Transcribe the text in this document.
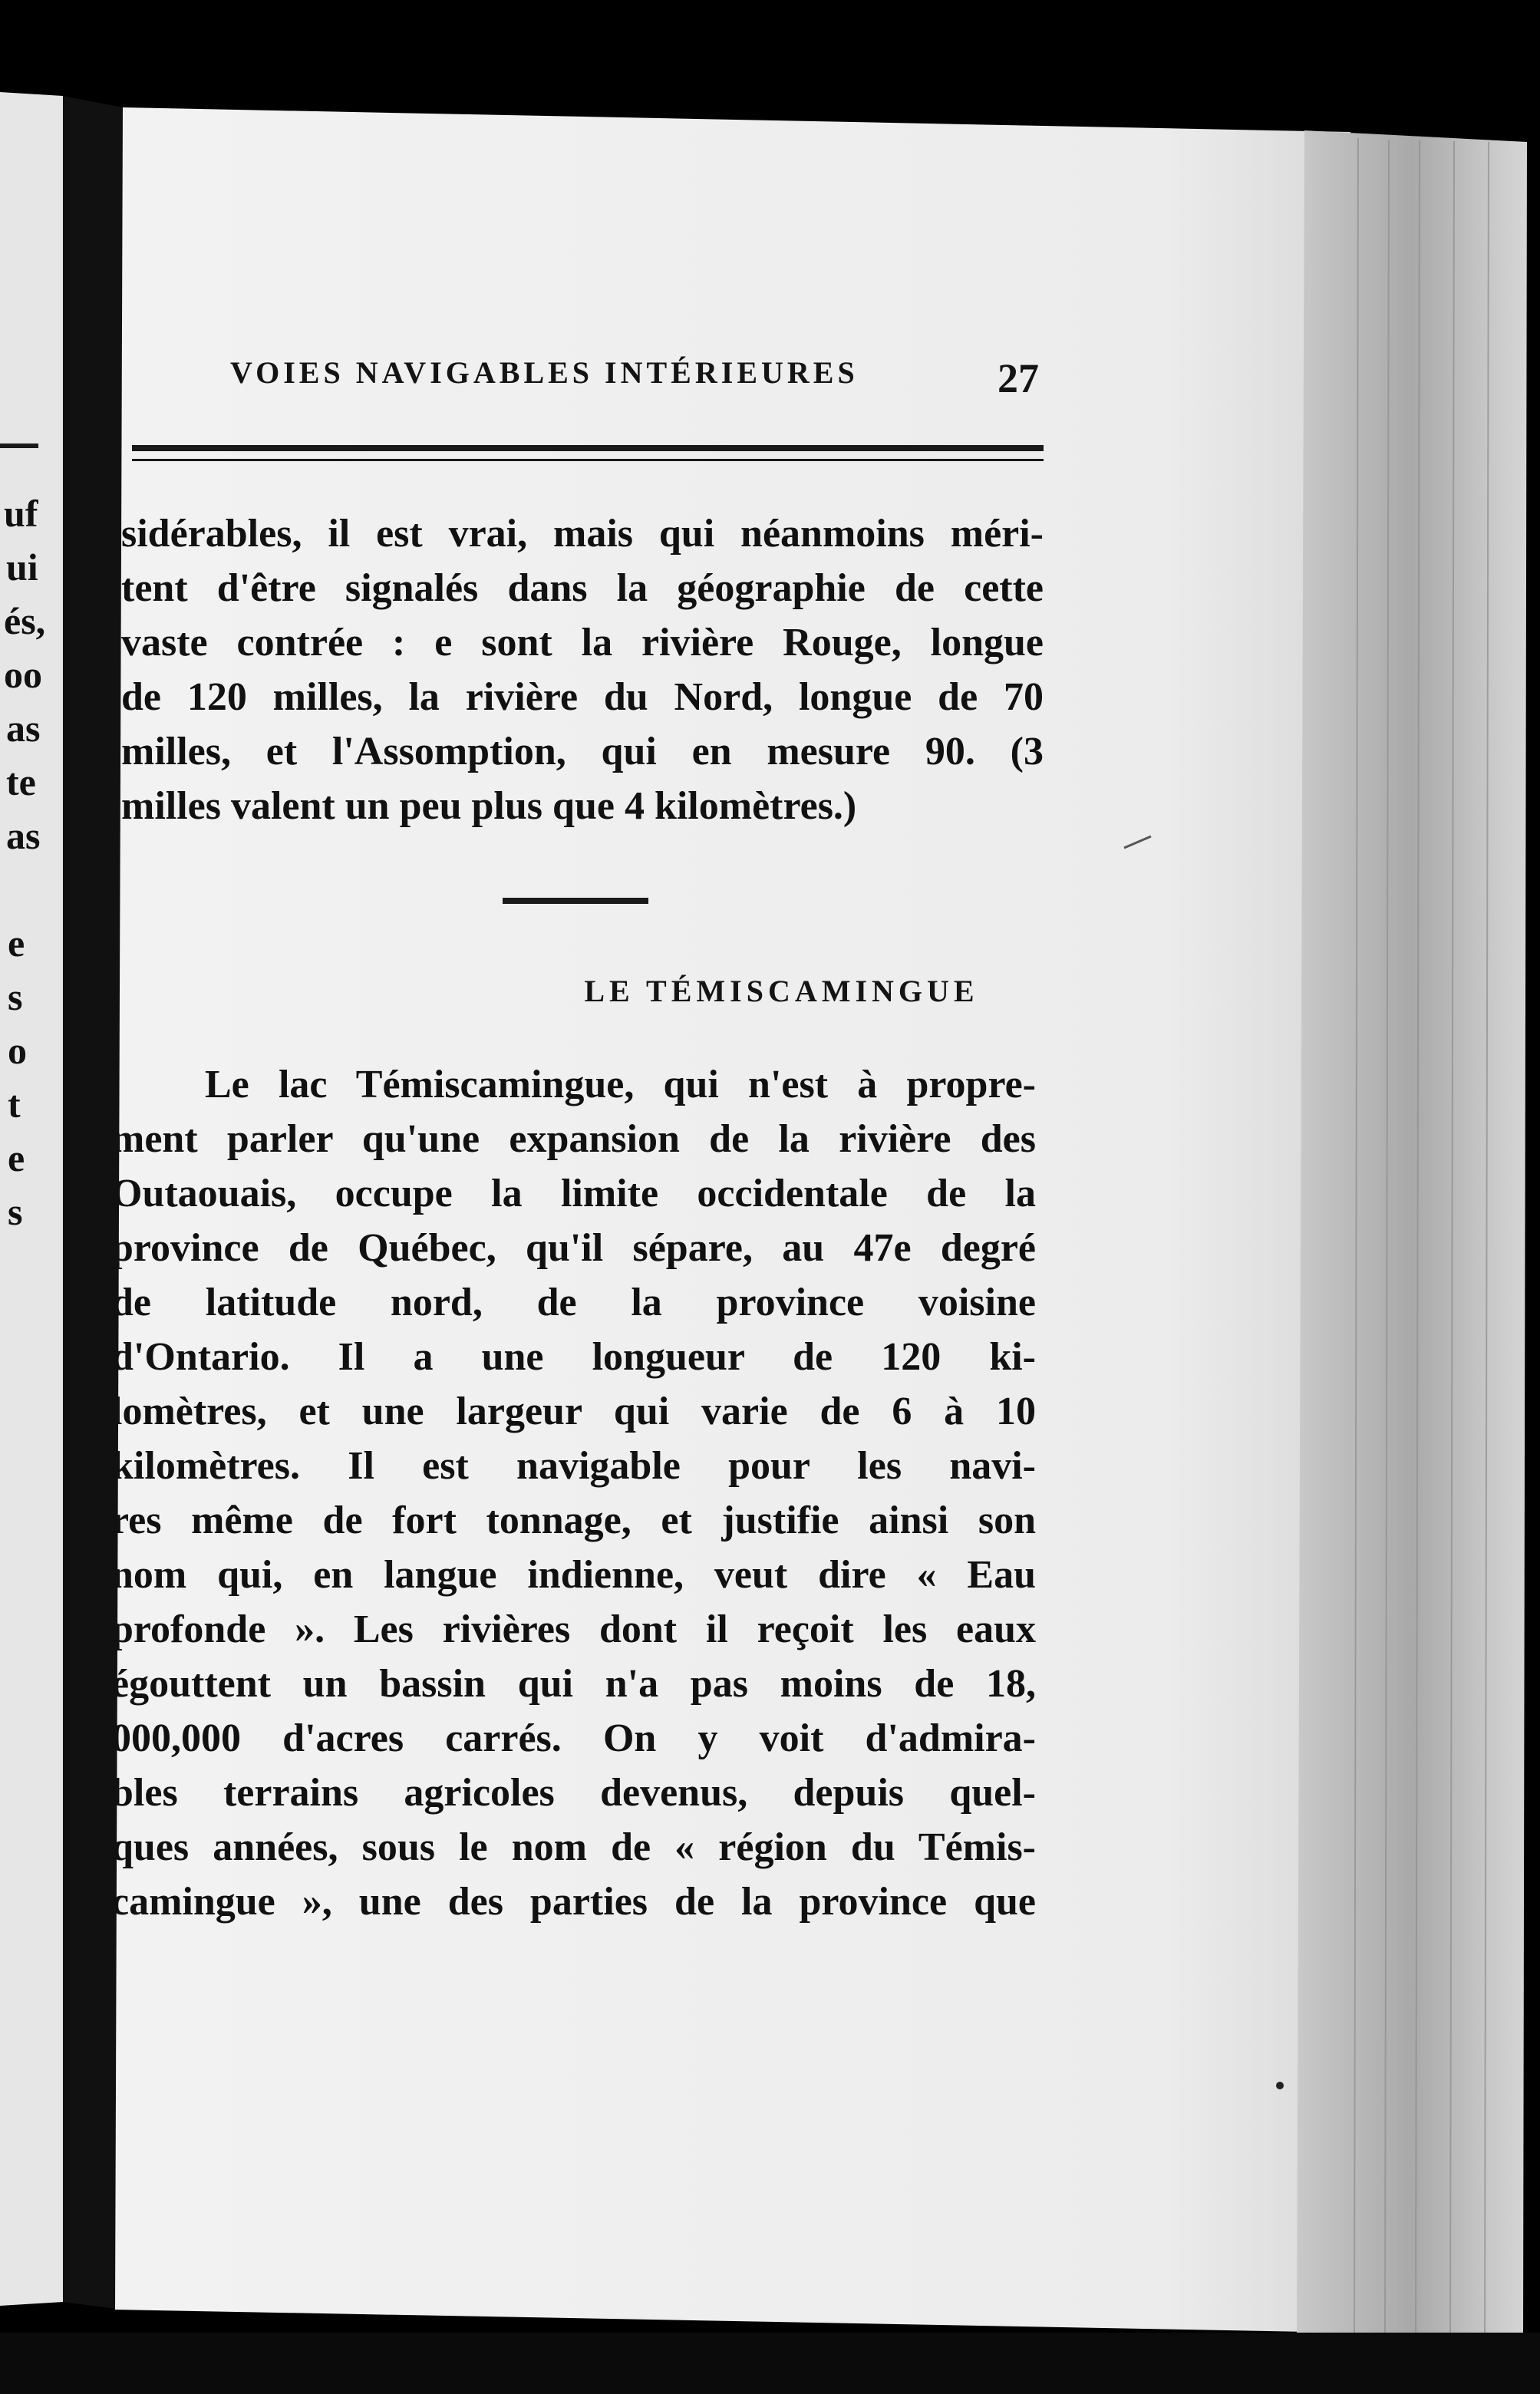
uf
ui
és,
oo
as
te
as
e
s
o
t
e
s
VOIES NAVIGABLES INTÉRIEURES	27
sidérables, il est vrai, mais qui néanmoins méri-
tent d'être signalés dans la géographie de cette
vaste contrée : e sont la rivière Rouge, longue
de 120 milles, la rivière du Nord, longue de 70
milles, et l'Assomption, qui en mesure 90. (3
milles valent un peu plus que 4 kilomètres.)
LE TÉMISCAMINGUE
Le lac Témiscamingue, qui n'est à propre-
ment parler qu'une expansion de la rivière des
Outaouais, occupe la limite occidentale de la
province de Québec, qu'il sépare, au 47e degré
de latitude nord, de la province voisine
d'Ontario. Il a une longueur de 120 ki-
lomètres, et une largeur qui varie de 6 à 10
kilomètres. Il est navigable pour les navi-
res même de fort tonnage, et justifie ainsi son
nom qui, en langue indienne, veut dire « Eau
profonde ». Les rivières dont il reçoit les eaux
égouttent un bassin qui n'a pas moins de 18,
000,000 d'acres carrés. On y voit d'admira-
bles terrains agricoles devenus, depuis quel-
ques années, sous le nom de « région du Témis-
camingue », une des parties de la province que
